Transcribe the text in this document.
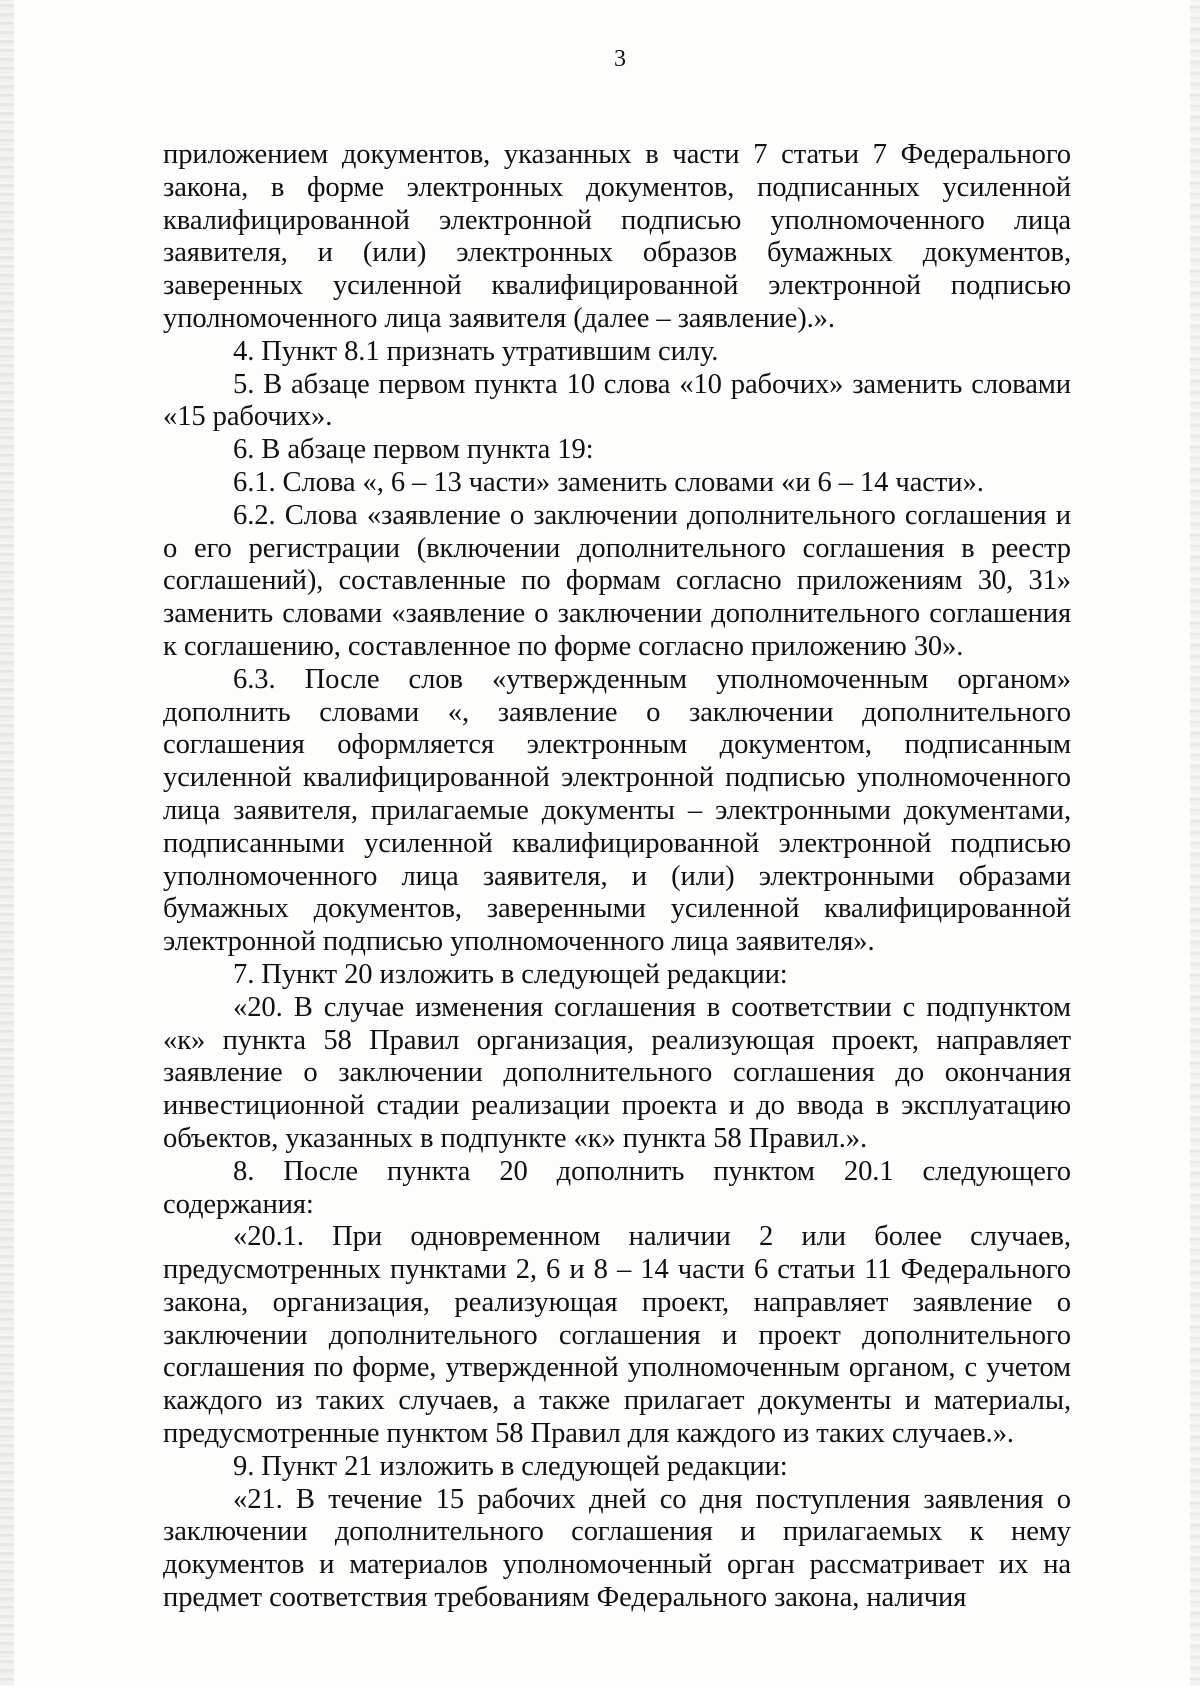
3

приложением документов, указанных в части 7 статьи 7 Федерального закона, в форме электронных документов, подписанных усиленной квалифицированной электронной подписью уполномоченного лица заявителя, и (или) электронных образов бумажных документов, заверенных усиленной квалифицированной электронной подписью уполномоченного лица заявителя (далее – заявление).».

4. Пункт 8.1 признать утратившим силу.

5. В абзаце первом пункта 10 слова «10 рабочих» заменить словами «15 рабочих».

6. В абзаце первом пункта 19:

6.1. Слова «, 6 – 13 части» заменить словами «и 6 – 14 части».

6.2. Слова «заявление о заключении дополнительного соглашения и о его регистрации (включении дополнительного соглашения в реестр соглашений), составленные по формам согласно приложениям 30, 31» заменить словами «заявление о заключении дополнительного соглашения к соглашению, составленное по форме согласно приложению 30».

6.3. После слов «утвержденным уполномоченным органом» дополнить словами «, заявление о заключении дополнительного соглашения оформляется электронным документом, подписанным усиленной квалифицированной электронной подписью уполномоченного лица заявителя, прилагаемые документы – электронными документами, подписанными усиленной квалифицированной электронной подписью уполномоченного лица заявителя, и (или) электронными образами бумажных документов, заверенными усиленной квалифицированной электронной подписью уполномоченного лица заявителя».

7. Пункт 20 изложить в следующей редакции:

«20. В случае изменения соглашения в соответствии с подпунктом «к» пункта 58 Правил организация, реализующая проект, направляет заявление о заключении дополнительного соглашения до окончания инвестиционной стадии реализации проекта и до ввода в эксплуатацию объектов, указанных в подпункте «к» пункта 58 Правил.».

8. После пункта 20 дополнить пунктом 20.1 следующего содержания:

«20.1. При одновременном наличии 2 или более случаев, предусмотренных пунктами 2, 6 и 8 – 14 части 6 статьи 11 Федерального закона, организация, реализующая проект, направляет заявление о заключении дополнительного соглашения и проект дополнительного соглашения по форме, утвержденной уполномоченным органом, с учетом каждого из таких случаев, а также прилагает документы и материалы, предусмотренные пунктом 58 Правил для каждого из таких случаев.».

9. Пункт 21 изложить в следующей редакции:

«21. В течение 15 рабочих дней со дня поступления заявления о заключении дополнительного соглашения и прилагаемых к нему документов и материалов уполномоченный орган рассматривает их на предмет соответствия требованиям Федерального закона, наличия
